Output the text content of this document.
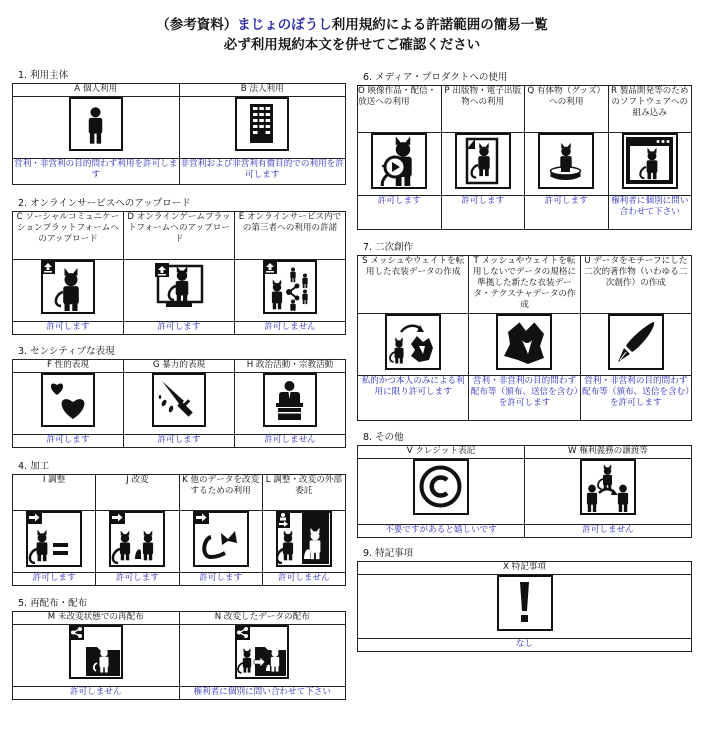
（参考資料）まじょのぼうし利用規約による許諾範囲の簡易一覧
必ず利用規約本文を併せてご確認ください
1. 利用主体
A 個人利用	B 法人利用

営利・非営利の目的問わず利用を許可します	非営利および非営利有償目的での利用を許可します
2. オンラインサービスへのアップロード
C ソーシャルコミュニケーションプラットフォームへのアップロード	D オンラインゲームプラットフォームへのアップロード	E オンラインサービス内での第三者への利用の許諾

許可します	許可します	許可しません
3. センシティブな表現
F 性的表現	G 暴力的表現	H 政治活動・宗教活動

許可します	許可します	許可しません
4. 加工
I 調整	J 改変	K 他のデータを改変するための利用	L 調整・改変の外部委託

許可します	許可します	許可します	許可しません
5. 再配布・配布
M 未改変状態での再配布	N 改変したデータの配布

許可しません	権利者に個別に問い合わせて下さい
6. メディア・プロダクトへの使用
O 映像作品・配信・放送への利用	P 出版物・電子出版物への利用	Q 有体物（グッズ）への利用	R 製品開発等のためのソフトウェアへの組み込み

許可します	許可します	許可します	権利者に個別に問い合わせて下さい
7. 二次創作
S メッシュやウェイトを転用した衣装データの作成	T メッシュやウェイトを転用しないでデータの規格に準拠した新たな衣装データ・テクスチャデータの作成	U データをモチーフにした二次的著作物（いわゆる二次創作）の作成

私的かつ本人のみによる利用に限り許可します	営利・非営利の目的問わず配布等（頒布、送信を含む）を許可します	営利・非営利の目的問わず配布等（頒布、送信を含む）を許可します
8. その他
V クレジット表記	W 権利義務の譲渡等

不要ですがあると嬉しいです	許可しません
9. 特記事項
X 特記事項

なし
